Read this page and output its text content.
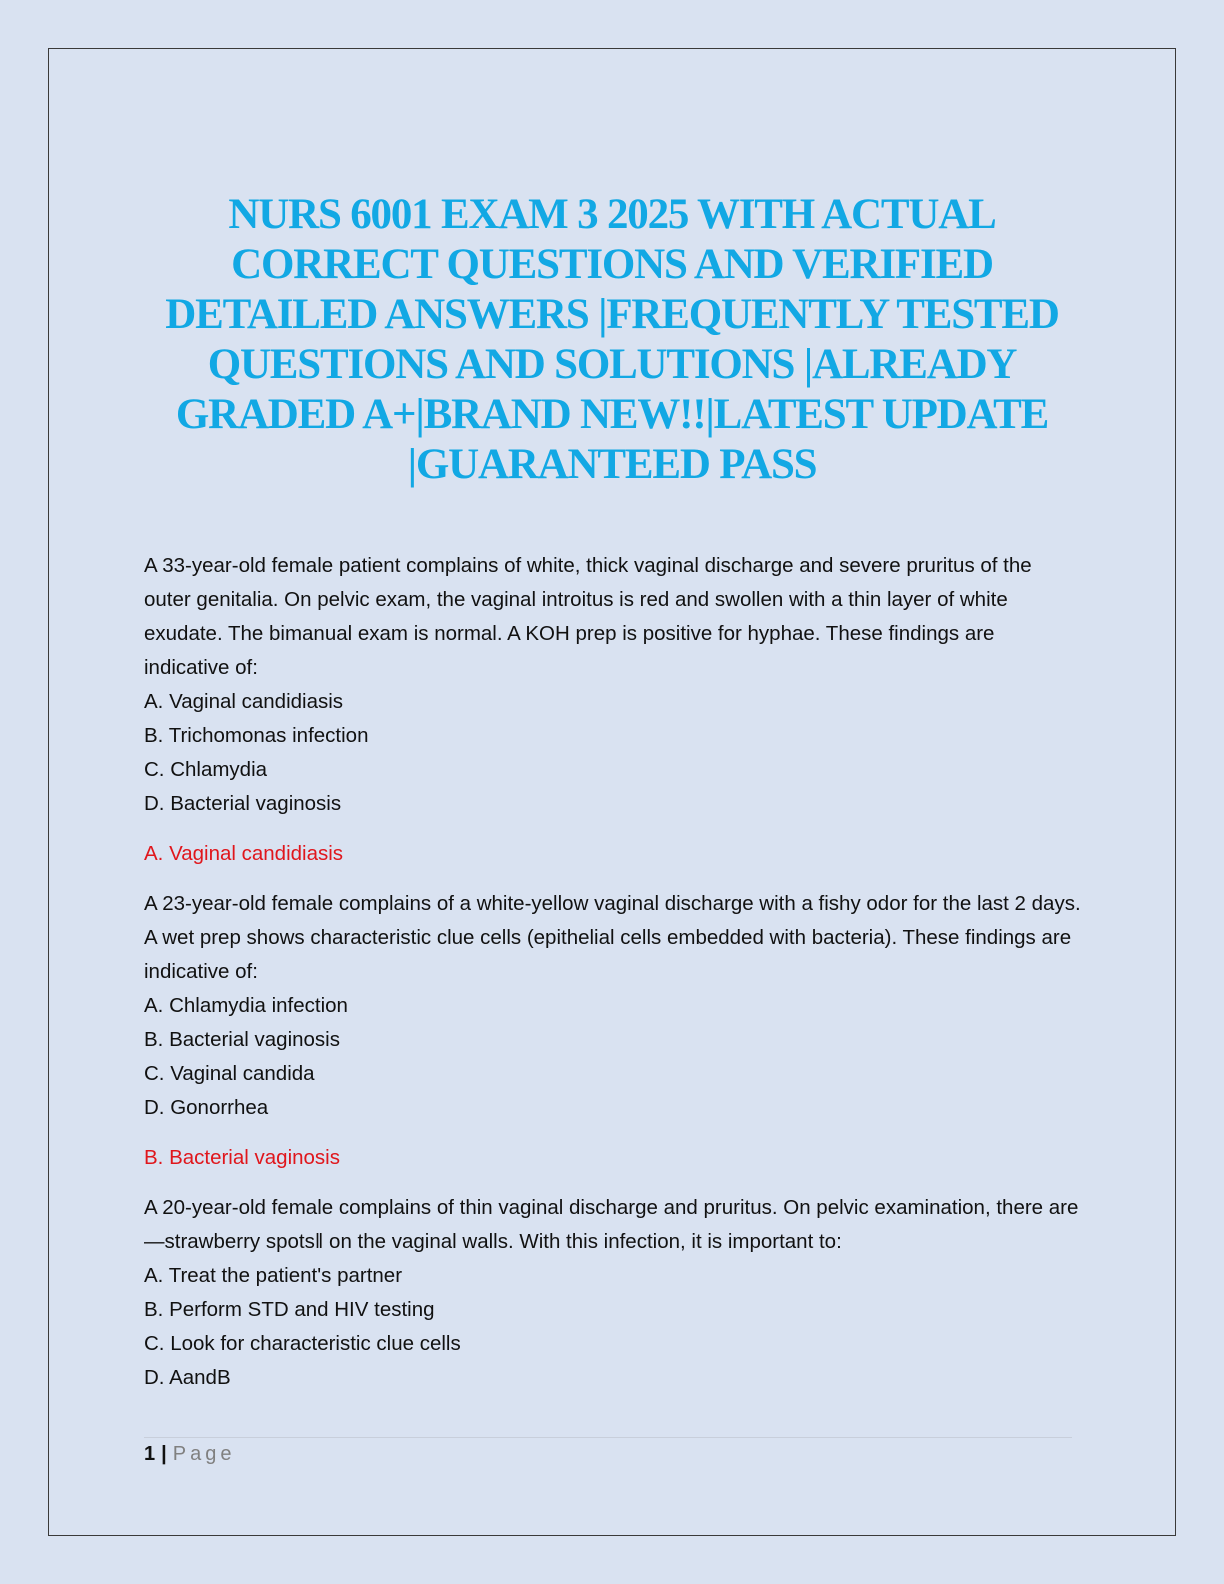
NURS 6001 EXAM 3 2025 WITH ACTUAL CORRECT QUESTIONS AND VERIFIED DETAILED ANSWERS |FREQUENTLY TESTED QUESTIONS AND SOLUTIONS |ALREADY GRADED A+|BRAND NEW!!|LATEST UPDATE |GUARANTEED PASS

A 33-year-old female patient complains of white, thick vaginal discharge and severe pruritus of the outer genitalia. On pelvic exam, the vaginal introitus is red and swollen with a thin layer of white exudate. The bimanual exam is normal. A KOH prep is positive for hyphae. These findings are indicative of:

A. Vaginal candidiasis
B. Trichomonas infection
C. Chlamydia
D. Bacterial vaginosis

A. Vaginal candidiasis

A 23-year-old female complains of a white-yellow vaginal discharge with a fishy odor for the last 2 days. A wet prep shows characteristic clue cells (epithelial cells embedded with bacteria). These findings are indicative of:

A. Chlamydia infection
B. Bacterial vaginosis
C. Vaginal candida
D. Gonorrhea

B. Bacterial vaginosis

A 20-year-old female complains of thin vaginal discharge and pruritus. On pelvic examination, there are ―strawberry spots‖ on the vaginal walls. With this infection, it is important to:

A. Treat the patient's partner
B. Perform STD and HIV testing
C. Look for characteristic clue cells
D. AandB
1 | Page
